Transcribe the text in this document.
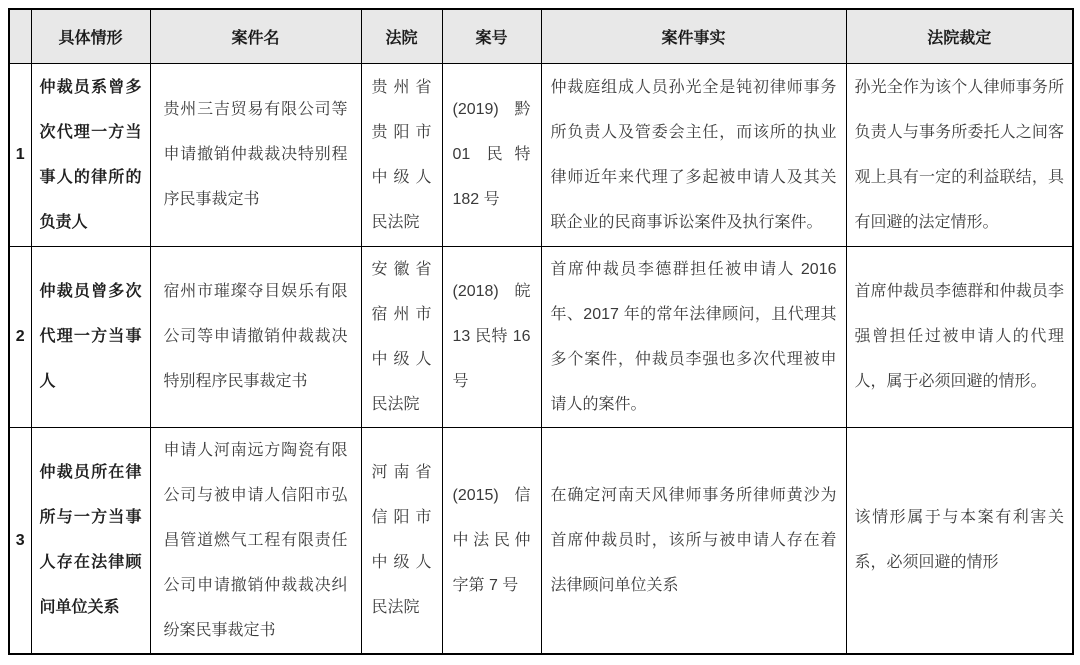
	具体情形	案件名	法院	案号	案件事实	法院裁定
1	仲裁员系曾多次代理一方当事人的律所的负责人	贵州三吉贸易有限公司等申请撤销仲裁裁决特别程序民事裁定书	贵州省贵阳市中级人民法院	(2019) 黔 01 民特 182 号	仲裁庭组成人员孙光全是钝初律师事务所负责人及管委会主任，而该所的执业律师近年来代理了多起被申请人及其关联企业的民商事诉讼案件及执行案件。	孙光全作为该个人律师事务所负责人与事务所委托人之间客观上具有一定的利益联结，具有回避的法定情形。
2	仲裁员曾多次代理一方当事人	宿州市璀璨夺目娱乐有限公司等申请撤销仲裁裁决特别程序民事裁定书	安徽省宿州市中级人民法院	(2018) 皖 13 民特 16 号	首席仲裁员李德群担任被申请人 2016 年、2017 年的常年法律顾问，且代理其多个案件，仲裁员李强也多次代理被申请人的案件。	首席仲裁员李德群和仲裁员李强曾担任过被申请人的代理人，属于必须回避的情形。
3	仲裁员所在律所与一方当事人存在法律顾问单位关系	申请人河南远方陶瓷有限公司与被申请人信阳市弘昌管道燃气工程有限责任公司申请撤销仲裁裁决纠纷案民事裁定书	河南省信阳市中级人民法院	(2015) 信中法民仲字第 7 号	在确定河南天风律师事务所律师黄沙为首席仲裁员时，该所与被申请人存在着法律顾问单位关系	该情形属于与本案有利害关系，必须回避的情形
